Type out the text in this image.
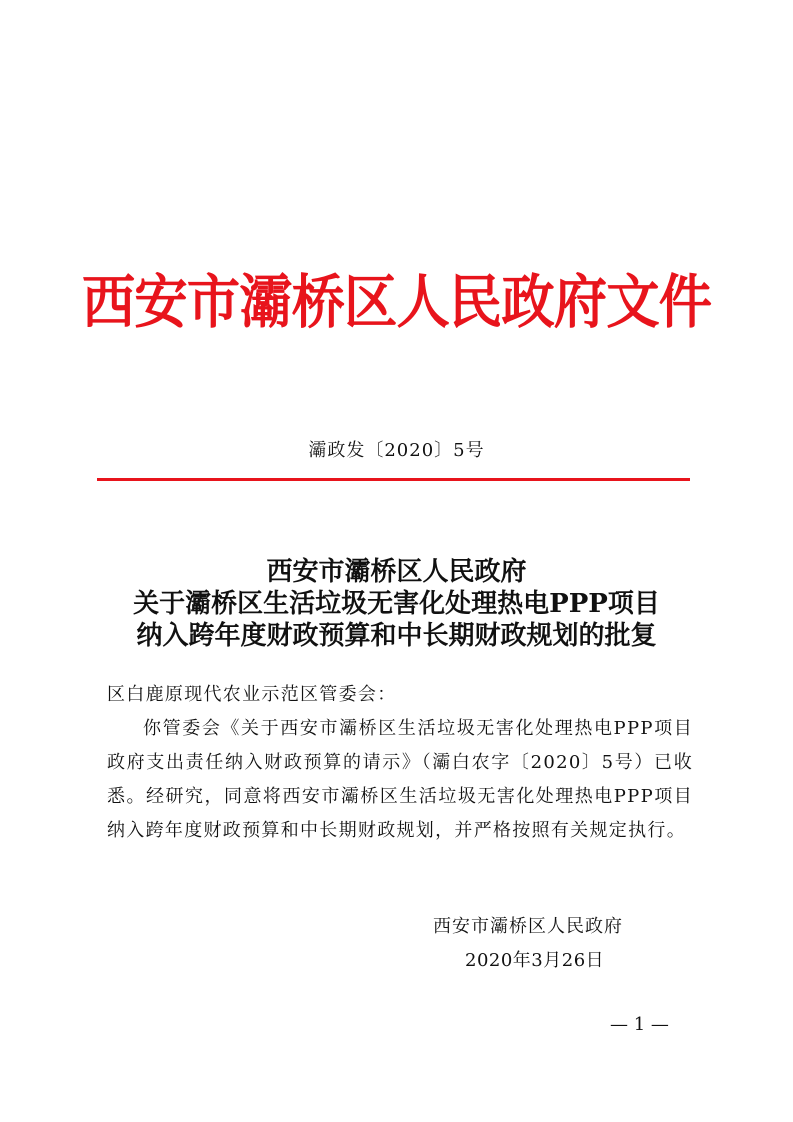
西安市灞桥区人民政府文件
灞政发〔2020〕5号
西安市灞桥区人民政府
关于灞桥区生活垃圾无害化处理热电PPP项目
纳入跨年度财政预算和中长期财政规划的批复

区白鹿原现代农业示范区管委会：

你管委会《关于西安市灞桥区生活垃圾无害化处理热电PPP项目政府支出责任纳入财政预算的请示》（灞白农字〔2020〕5号）已收悉。经研究，同意将西安市灞桥区生活垃圾无害化处理热电PPP项目纳入跨年度财政预算和中长期财政规划，并严格按照有关规定执行。

西安市灞桥区人民政府
2020年3月26日
— 1 —
